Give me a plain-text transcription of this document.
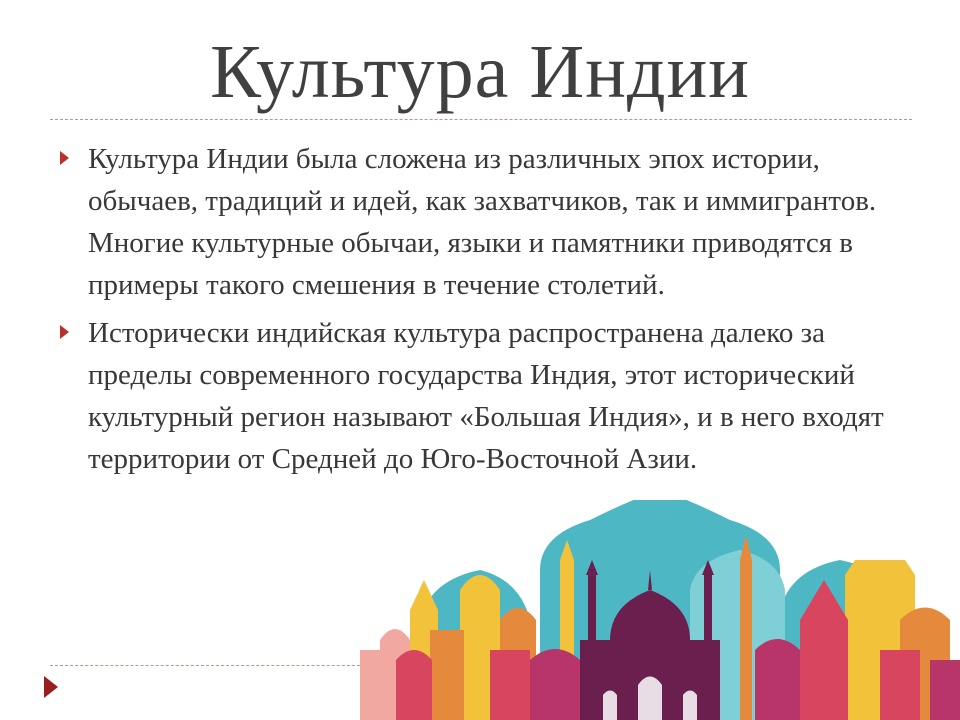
Культура Индии
Культура Индии была сложена из различных эпох истории, обычаев, традиций и идей, как захватчиков, так и иммигрантов. Многие культурные обычаи, языки и памятники приводятся в примеры такого смешения в течение столетий.
Исторически индийская культура распространена далеко за пределы современного государства Индия, этот исторический культурный регион называют «Большая Индия», и в него входят территории от Средней до Юго-Восточной Азии.
